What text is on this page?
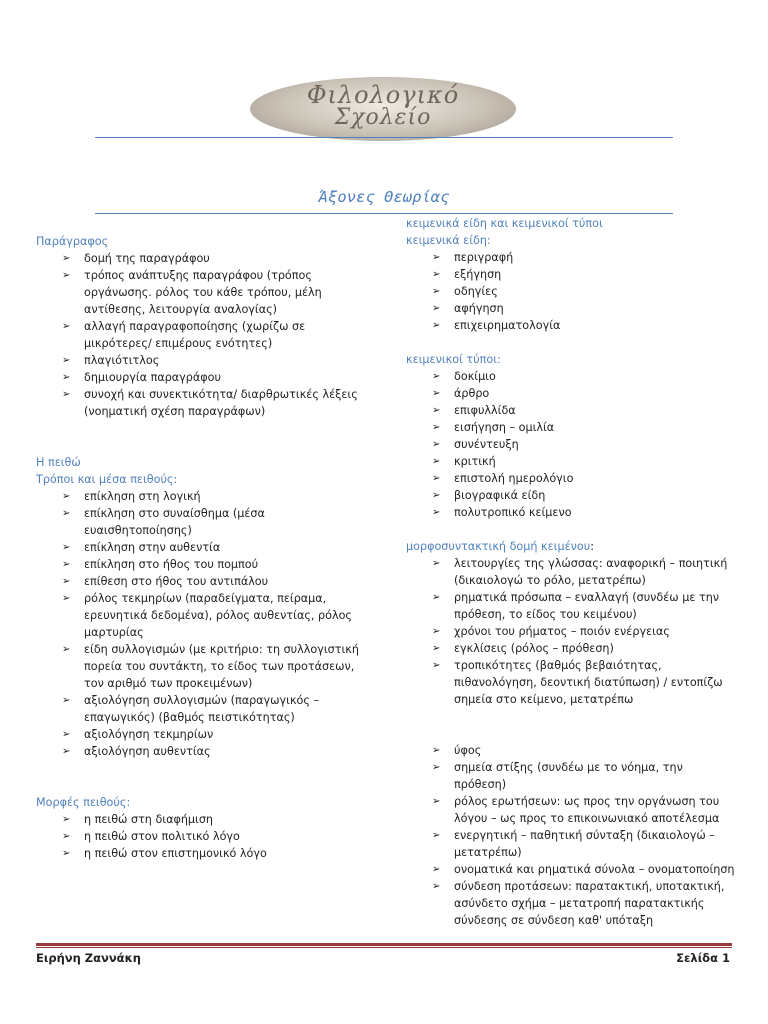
Φιλολογικό
Σχολείο
Άξονες Θεωρίας
Παράγραφος
➢ δομή της παραγράφου
➢ τρόπος ανάπτυξης παραγράφου (τρόπος οργάνωσης. ρόλος του κάθε τρόπου, μέλη αντίθεσης, λειτουργία αναλογίας)
➢ αλλαγή παραγραφοποίησης (χωρίζω σε μικρότερες/ επιμέρους ενότητες)
➢ πλαγιότιτλος
➢ δημιουργία παραγράφου
➢ συνοχή και συνεκτικότητα/ διαρθρωτικές λέξεις (νοηματική σχέση παραγράφων)
Η πειθώ
Τρόποι και μέσα πειθούς:
➢ επίκληση στη λογική
➢ επίκληση στο συναίσθημα (μέσα ευαισθητοποίησης)
➢ επίκληση στην αυθεντία
➢ επίκληση στο ήθος του πομπού
➢ επίθεση στο ήθος του αντιπάλου
➢ ρόλος τεκμηρίων (παραδείγματα, πείραμα, ερευνητικά δεδομένα), ρόλος αυθεντίας, ρόλος μαρτυρίας
➢ είδη συλλογισμών (με κριτήριο: τη συλλογιστική πορεία του συντάκτη, το είδος των προτάσεων, τον αριθμό των προκειμένων)
➢ αξιολόγηση συλλογισμών (παραγωγικός – επαγωγικός) (βαθμός πειστικότητας)
➢ αξιολόγηση τεκμηρίων
➢ αξιολόγηση αυθεντίας
Μορφές πειθούς:
➢ η πειθώ στη διαφήμιση
➢ η πειθώ στον πολιτικό λόγο
➢ η πειθώ στον επιστημονικό λόγο
κειμενικά είδη και κειμενικοί τύποι
κειμενικά είδη:
➢ περιγραφή
➢ εξήγηση
➢ οδηγίες
➢ αφήγηση
➢ επιχειρηματολογία
κειμενικοί τύποι:
➢ δοκίμιο
➢ άρθρο
➢ επιφυλλίδα
➢ εισήγηση – ομιλία
➢ συνέντευξη
➢ κριτική
➢ επιστολή ημερολόγιο
➢ βιογραφικά είδη
➢ πολυτροπικό κείμενο
μορφοσυντακτική δομή κειμένου:
➢ λειτουργίες της γλώσσας: αναφορική – ποιητική (δικαιολογώ το ρόλο, μετατρέπω)
➢ ρηματικά πρόσωπα – εναλλαγή (συνδέω με την πρόθεση, το είδος του κειμένου)
➢ χρόνοι του ρήματος – ποιόν ενέργειας
➢ εγκλίσεις (ρόλος – πρόθεση)
➢ τροπικότητες (βαθμός βεβαιότητας, πιθανολόγηση, δεοντική διατύπωση) / εντοπίζω σημεία στο κείμενο, μετατρέπω
➢ ύφος
➢ σημεία στίξης (συνδέω με το νόημα, την πρόθεση)
➢ ρόλος ερωτήσεων: ως προς την οργάνωση του λόγου – ως προς το επικοινωνιακό αποτέλεσμα
➢ ενεργητική – παθητική σύνταξη (δικαιολογώ – μετατρέπω)
➢ ονοματικά και ρηματικά σύνολα – ονοματοποίηση
➢ σύνδεση προτάσεων: παρατακτική, υποτακτική, ασύνδετο σχήμα – μετατροπή παρατακτικής σύνδεσης σε σύνδεση καθ' υπόταξη
Ειρήνη Ζαννάκη	Σελίδα 1
